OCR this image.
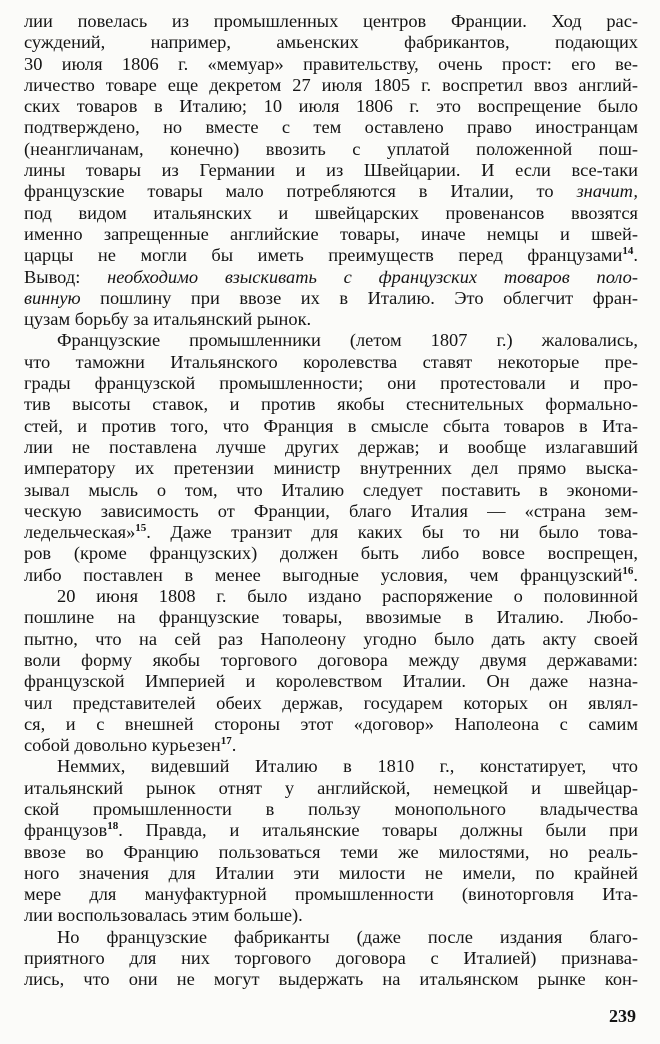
лии повелась из промышленных центров Франции. Ход рас-
суждений, например, амьенских фабрикантов, подающих
30 июля 1806 г. «мемуар» правительству, очень прост: его ве-
личество товаре еще декретом 27 июля 1805 г. воспретил ввоз англий-
ских товаров в Италию; 10 июля 1806 г. это воспрещение было
подтверждено, но вместе с тем оставлено право иностранцам
(неангличанам, конечно) ввозить с уплатой положенной пош-
лины товары из Германии и из Швейцарии. И если все-таки
французские товары мало потребляются в Италии, то значит,
под видом итальянских и швейцарских провенансов ввозятся
именно запрещенные английские товары, иначе немцы и швей-
царцы не могли бы иметь преимуществ перед французами$^{14}$.
Вывод: необходимо взыскивать с французских товаров поло-
винную пошлину при ввозе их в Италию. Это облегчит фран-
цузам борьбу за итальянский рынок.
Французские промышленники (летом 1807 г.) жаловались,
что таможни Итальянского королевства ставят некоторые пре-
грады французской промышленности; они протестовали и про-
тив высоты ставок, и против якобы стеснительных формально-
стей, и против того, что Франция в смысле сбыта товаров в Ита-
лии не поставлена лучше других держав; и вообще излагавший
императору их претензии министр внутренних дел прямо выска-
зывал мысль о том, что Италию следует поставить в экономи-
ческую зависимость от Франции, благо Италия — «страна зем-
ледельческая»$^{15}$. Даже транзит для каких бы то ни было това-
ров (кроме французских) должен быть либо вовсе воспрещен,
либо поставлен в менее выгодные условия, чем французский$^{16}$.
20 июня 1808 г. было издано распоряжение о половинной
пошлине на французские товары, ввозимые в Италию. Любо-
пытно, что на сей раз Наполеону угодно было дать акту своей
воли форму якобы торгового договора между двумя державами:
французской Империей и королевством Италии. Он даже назна-
чил представителей обеих держав, государем которых он являл-
ся, и с внешней стороны этот «договор» Наполеона с самим
собой довольно курьезен$^{17}$.
Неммих, видевший Италию в 1810 г., констатирует, что
итальянский рынок отнят у английской, немецкой и швейцар-
ской промышленности в пользу монопольного владычества
французов$^{18}$. Правда, и итальянские товары должны были при
ввозе во Францию пользоваться теми же милостями, но реаль-
ного значения для Италии эти милости не имели, по крайней
мере для мануфактурной промышленности (виноторговля Ита-
лии воспользовалась этим больше).
Но французские фабриканты (даже после издания благо-
приятного для них торгового договора с Италией) признава-
лись, что они не могут выдержать на итальянском рынке кон-
239
